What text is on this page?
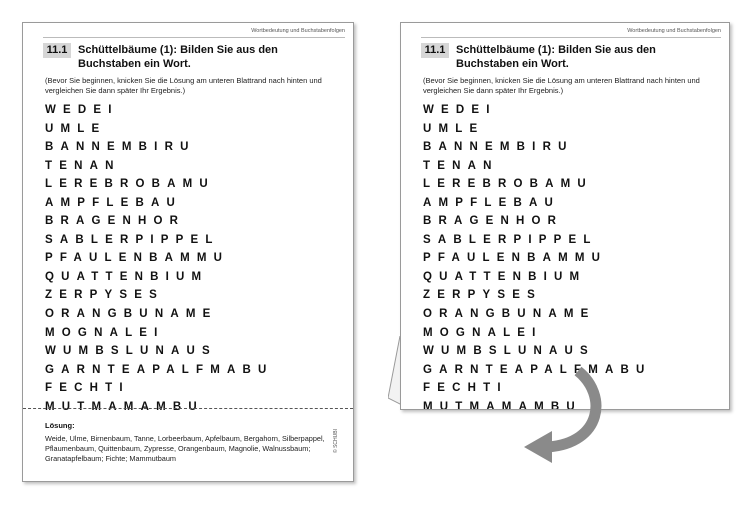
Wortbedeutung und Buchstabenfolgen
11.1 Schüttelbäume (1): Bilden Sie aus den Buchstaben ein Wort.
(Bevor Sie beginnen, knicken Sie die Lösung am unteren Blattrand nach hinten und vergleichen Sie dann später Ihr Ergebnis.)
WEDEI
UMLE
BANNEMBIRU
TENAN
LEREBROBAMU
AMPFLEBAU
BRAGENHOR
SABLERPIPPEL
PFAULENBAMMU
QUATTENBIUM
ZERPYSES
ORANGBUNAME
MOGNALEI
WUMBSLUNAUS
GARNTEAPALFMABU
FECHTI
MUTMAMAMBU
Lösung:
Weide, Ulme, Birnenbaum, Tanne, Lorbeerbaum, Apfelbaum, Bergahorn, Silberpappel, Pflaumenbaum, Quittenbaum, Zypresse, Orangenbaum, Magnolie, Walnussbaum; Granatapfelbaum; Fichte; Mammutbaum
© SCHUBI
Wortbedeutung und Buchstabenfolgen
11.1 Schüttelbäume (1): Bilden Sie aus den Buchstaben ein Wort.
(Bevor Sie beginnen, knicken Sie die Lösung am unteren Blattrand nach hinten und vergleichen Sie dann später Ihr Ergebnis.)
WEDEI
UMLE
BANNEMBIRU
TENAN
LEREBROBAMU
AMPFLEBAU
BRAGENHOR
SABLERPIPPEL
PFAULENBAMMU
QUATTENBIUM
ZERPYSES
ORANGBUNAME
MOGNALEI
WUMBSLUNAUS
GARNTEAPALFMABU
FECHTI
MUTMAMAMBU
